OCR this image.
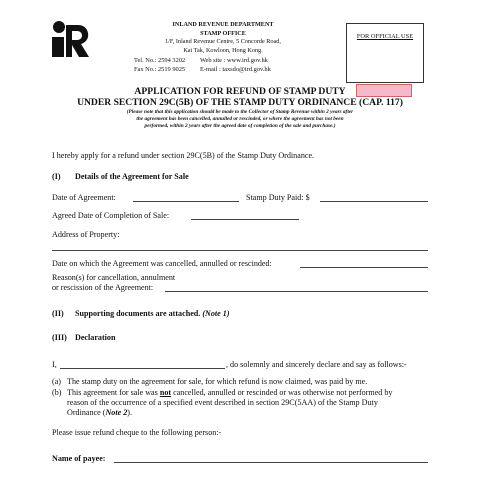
INLAND REVENUE DEPARTMENT
STAMP OFFICE
1/F, Inland Revenue Centre, 5 Concorde Road,
Kai Tak, Kowloon, Hong Kong.
Tel. No.: 2594 3202	Web site : www.ird.gov.hk
Fax No.: 2519 9025	E-mail : taxsdo@ird.gov.hk
FOR OFFICIAL USE
APPLICATION FOR REFUND OF STAMP DUTY
UNDER SECTION 29C(5B) OF THE STAMP DUTY ORDINANCE (CAP. 117)
(Please note that this application should be made to the Collector of Stamp Revenue within 2 years after
the agreement has been cancelled, annulled or rescinded, or where the agreement has not been
performed, within 2 years after the agreed date of completion of the sale and purchase.)
I hereby apply for a refund under section 29C(5B) of the Stamp Duty Ordinance.
(I) Details of the Agreement for Sale
Date of Agreement:	Stamp Duty Paid: $
Agreed Date of Completion of Sale:
Address of Property:
Date on which the Agreement was cancelled, annulled or rescinded:
Reason(s) for cancellation, annulment
or rescission of the Agreement:
(II) Supporting documents are attached. (Note 1)
(III) Declaration
I,	, do solemnly and sincerely declare and say as follows:-
(a) The stamp duty on the agreement for sale, for which refund is now claimed, was paid by me.
(b) This agreement for sale was not cancelled, annulled or rescinded or was otherwise not performed by
reason of the occurrence of a specified event described in section 29C(5AA) of the Stamp Duty
Ordinance (Note 2).
Please issue refund cheque to the following person:-
Name of payee:
